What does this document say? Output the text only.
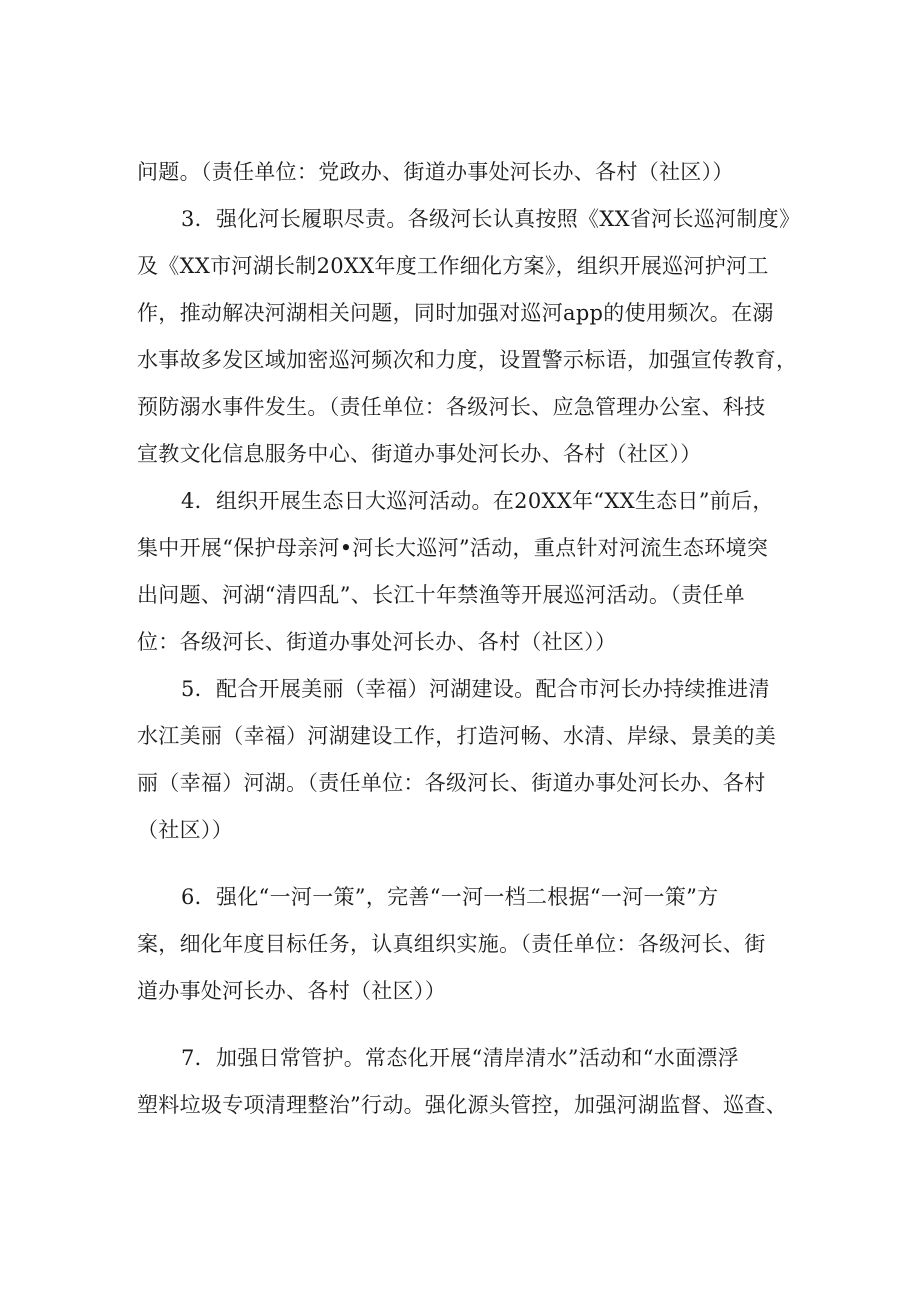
问题。（责任单位：党政办、街道办事处河长办、各村（社区））
3．强化河长履职尽责。各级河长认真按照《XX省河长巡河制度》
及《XX市河湖长制20XX年度工作细化方案》，组织开展巡河护河工
作，推动解决河湖相关问题，同时加强对巡河app的使用频次。在溺
水事故多发区域加密巡河频次和力度，设置警示标语，加强宣传教育，
预防溺水事件发生。（责任单位：各级河长、应急管理办公室、科技
宣教文化信息服务中心、街道办事处河长办、各村（社区））
4．组织开展生态日大巡河活动。在20XX年“XX生态日”前后，
集中开展“保护母亲河•河长大巡河”活动，重点针对河流生态环境突
出问题、河湖“清四乱”、长江十年禁渔等开展巡河活动。（责任单
位：各级河长、街道办事处河长办、各村（社区））
5．配合开展美丽（幸福）河湖建设。配合市河长办持续推进清
水江美丽（幸福）河湖建设工作，打造河畅、水清、岸绿、景美的美
丽（幸福）河湖。（责任单位：各级河长、街道办事处河长办、各村
（社区））
6．强化“一河一策”，完善“一河一档二根据“一河一策”方
案，细化年度目标任务，认真组织实施。（责任单位：各级河长、街
道办事处河长办、各村（社区））
7．加强日常管护。常态化开展“清岸清水”活动和“水面漂浮
塑料垃圾专项清理整治”行动。强化源头管控，加强河湖监督、巡查、
